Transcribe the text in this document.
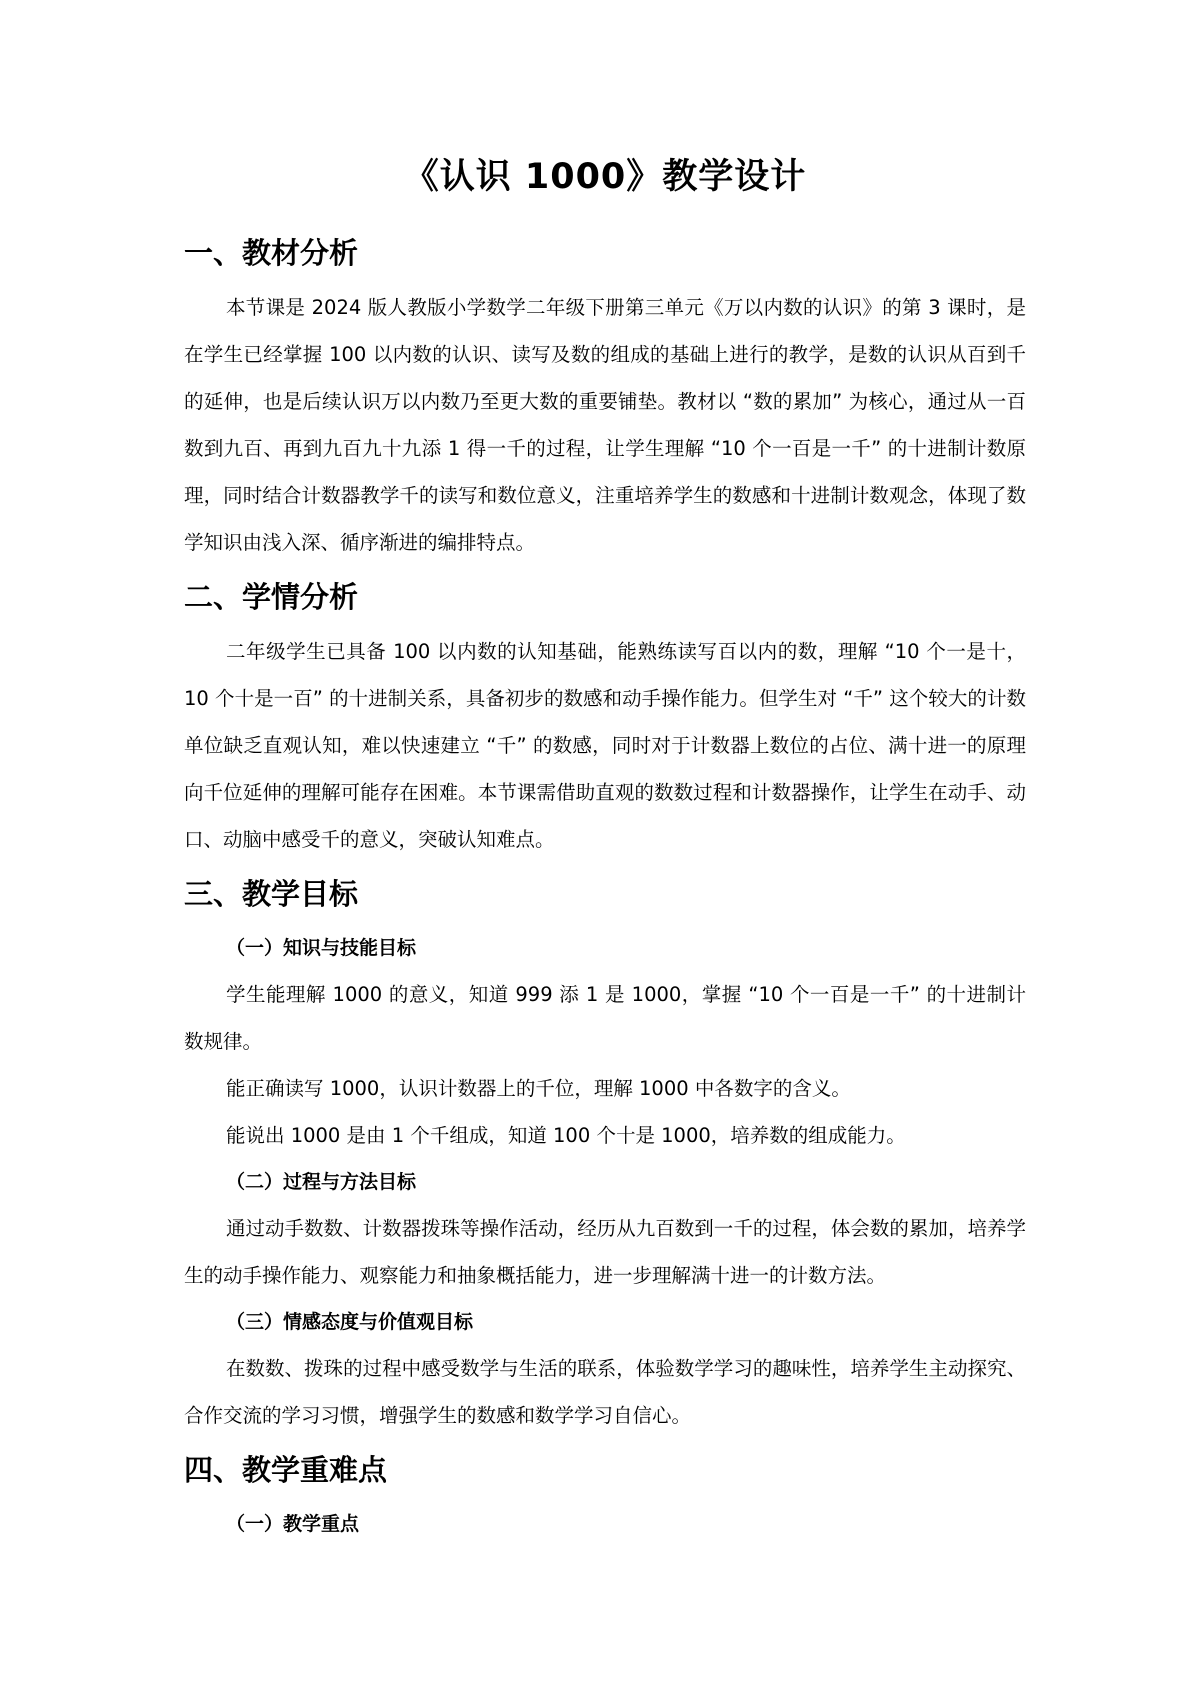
《认识 1000》教学设计
一、教材分析

本节课是 2024 版人教版小学数学二年级下册第三单元《万以内数的认识》的第 3 课时，是在学生已经掌握 100 以内数的认识、读写及数的组成的基础上进行的教学，是数的认识从百到千的延伸，也是后续认识万以内数乃至更大数的重要铺垫。教材以 “数的累加” 为核心，通过从一百数到九百、再到九百九十九添 1 得一千的过程，让学生理解 “10 个一百是一千” 的十进制计数原理，同时结合计数器教学千的读写和数位意义，注重培养学生的数感和十进制计数观念，体现了数学知识由浅入深、循序渐进的编排特点。

二、学情分析

二年级学生已具备 100 以内数的认知基础，能熟练读写百以内的数，理解 “10 个一是十，10 个十是一百” 的十进制关系，具备初步的数感和动手操作能力。但学生对 “千” 这个较大的计数单位缺乏直观认知，难以快速建立 “千” 的数感，同时对于计数器上数位的占位、满十进一的原理向千位延伸的理解可能存在困难。本节课需借助直观的数数过程和计数器操作，让学生在动手、动口、动脑中感受千的意义，突破认知难点。

三、教学目标
（一）知识与技能目标

学生能理解 1000 的意义，知道 999 添 1 是 1000，掌握 “10 个一百是一千” 的十进制计数规律。

能正确读写 1000，认识计数器上的千位，理解 1000 中各数字的含义。

能说出 1000 是由 1 个千组成，知道 100 个十是 1000，培养数的组成能力。

（二）过程与方法目标

通过动手数数、计数器拨珠等操作活动，经历从九百数到一千的过程，体会数的累加，培养学生的动手操作能力、观察能力和抽象概括能力，进一步理解满十进一的计数方法。

（三）情感态度与价值观目标

在数数、拨珠的过程中感受数学与生活的联系，体验数学学习的趣味性，培养学生主动探究、合作交流的学习习惯，增强学生的数感和数学学习自信心。

四、教学重难点
（一）教学重点
